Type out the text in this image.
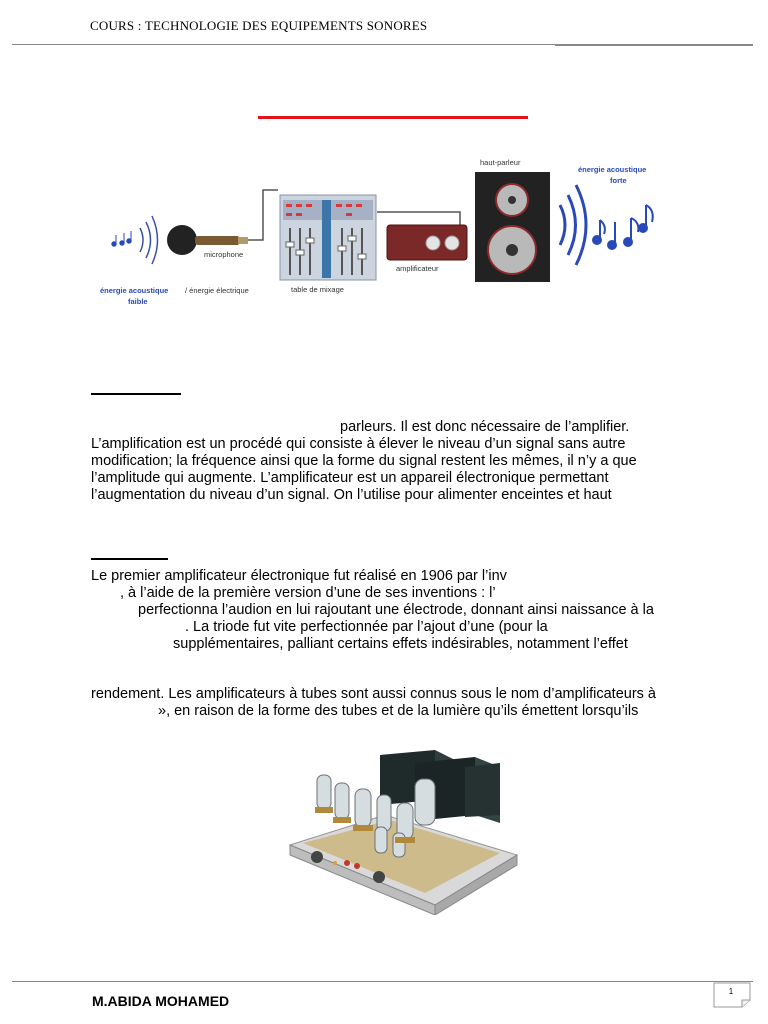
COURS : TECHNOLOGIE DES EQUIPEMENTS SONORES
microphone
table de mixage
amplificateur
haut-parleur
énergie acoustique / énergie électrique
faible
énergie acoustique
forte
parleurs. Il est donc nécessaire de l’amplifier.
L’amplification est un procédé qui consiste à élever le niveau d’un signal sans autre
modification; la fréquence ainsi que la forme du signal restent les mêmes, il n’y a que
l’amplitude qui augmente. L’amplificateur est un appareil électronique permettant
l’augmentation du niveau d’un signal. On l’utilise pour alimenter enceintes et haut
Le premier amplificateur électronique fut réalisé en 1906 par l’inv
, à l’aide de la première version d’une de ses inventions : l’
perfectionna l’audion en lui rajoutant une électrode, donnant ainsi naissance à la
. La triode fut vite perfectionnée par l’ajout d’une (pour la
supplémentaires, palliant certains effets indésirables, notamment l’effet
rendement. Les amplificateurs à tubes sont aussi connus sous le nom d’amplificateurs à
», en raison de la forme des tubes et de la lumière qu’ils émettent lorsqu’ils
M.ABIDA MOHAMED
1
